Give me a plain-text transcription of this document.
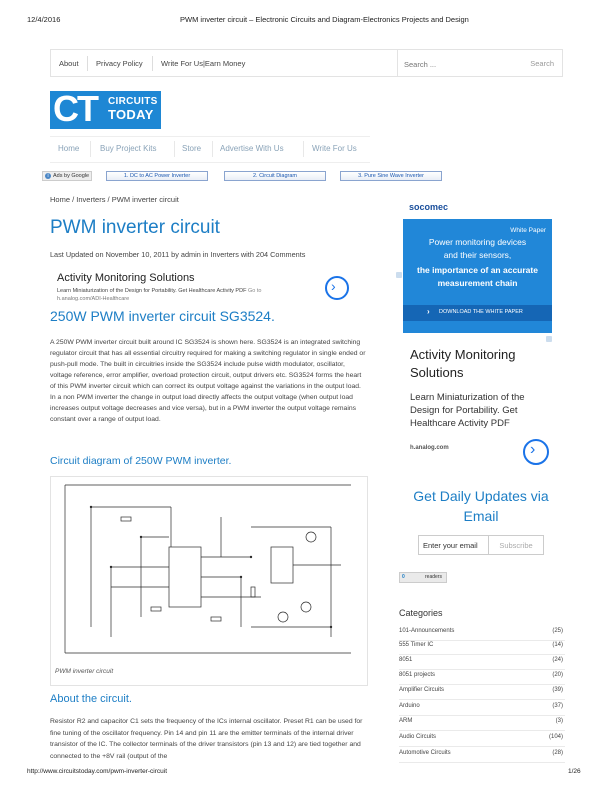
12/4/2016	PWM inverter circuit – Electronic Circuits and Diagram-Electronics Projects and Design
About Privacy Policy Write For Us|Earn Money
Search ...	Search
CT CIRCUITS
TODAY
Home	Buy Project Kits	Store Advertise With Us	Write For Us
i Ads by Google	1. DC to AC Power Inverter	2. Circuit Diagram	3. Pure Sine Wave Inverter
Home / Inverters / PWM inverter circuit
PWM inverter circuit
Last Updated on November 10, 2011 by admin in Inverters with 204 Comments
Activity Monitoring Solutions
Learn Miniaturization of the Design for Portability. Get Healthcare Activity PDF Go to
h.analog.com/ADI-Healthcare
›
250W PWM inverter circuit SG3524.
A 250W PWM inverter circuit built around IC SG3524 is shown here. SG3524 is an integrated switching regulator circuit that has all essential circuitry required for making a switching regulator in single ended or push-pull mode. The built in circuitries inside the SG3524 include pulse width modulator, oscillator, voltage reference, error amplifier, overload protection circuit, output drivers etc. SG3524 forms the heart of this PWM inverter circuit which can correct its output voltage against the variations in the output load. In a non PWM inverter the change in output load directly affects the output voltage (when output load increases output voltage decreases and vice versa), but in a PWM inverter the output voltage remains constant over a range of output load.
Circuit diagram of 250W PWM inverter.
PWM inverter circuit
About the circuit.
Resistor R2 and capacitor C1 sets the frequency of the ICs internal oscillator. Preset R1 can be used for fine tuning of the oscillator frequency. Pin 14 and pin 11 are the emitter terminals of the internal driver transistor of the IC. The collector terminals of the driver transistors (pin 13 and 12) are tied together and connected to the +8V rail (output of the
socomec
White Paper
Power monitoring devices
and their sensors,
the importance of an accurate
measurement chain
› DOWNLOAD THE WHITE PAPER
Activity Monitoring Solutions
Learn Miniaturization of the Design for Portability. Get Healthcare Activity PDF
h.analog.com	›
Get Daily Updates via Email
Enter your email
Subscribe
0	readers
Categories
101-Announcements	(25)
555 Timer IC	(14)
8051	(24)
8051 projects	(20)
Amplifier Circuits	(39)
Arduino	(37)
ARM	(3)
Audio Circuits	(104)
Automotive Circuits	(28)
http://www.circuitstoday.com/pwm-inverter-circuit	1/26
